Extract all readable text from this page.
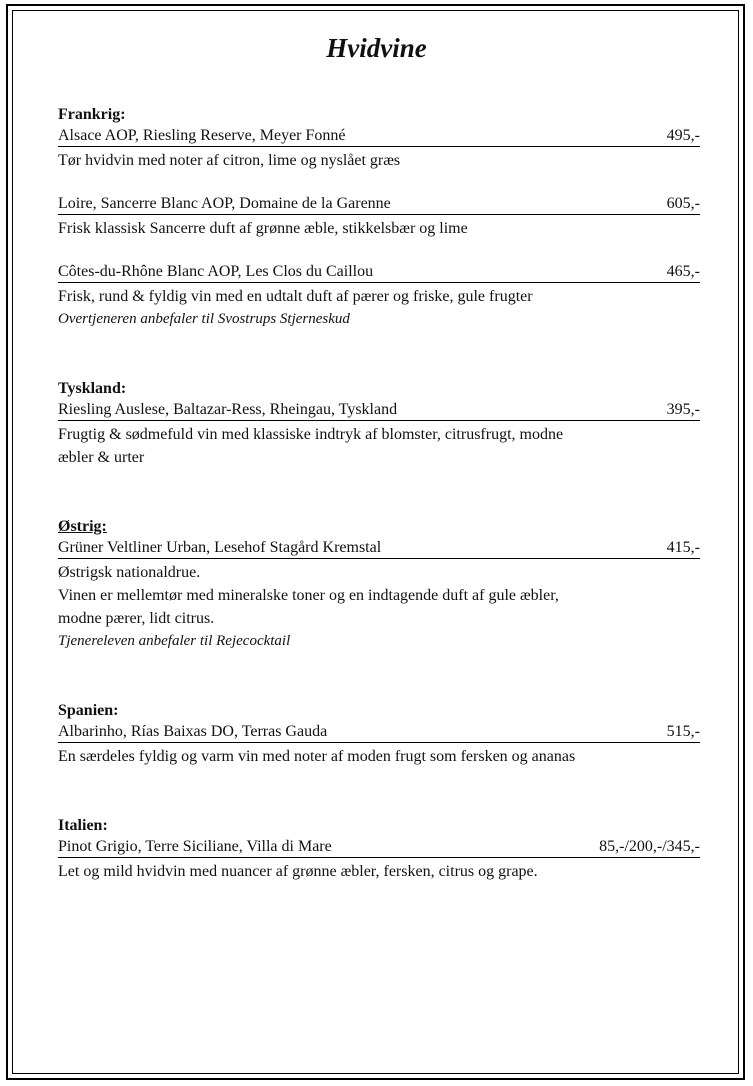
Hvidvine
Frankrig:
Alsace AOP, Riesling Reserve, Meyer Fonné	495,-
Tør hvidvin med noter af citron, lime og nyslået græs
Loire, Sancerre Blanc AOP, Domaine de la Garenne	605,-
Frisk klassisk Sancerre duft af grønne æble, stikkelsbær og lime
Côtes-du-Rhône Blanc AOP, Les Clos du Caillou	465,-
Frisk, rund & fyldig vin med en udtalt duft af pærer og friske, gule frugter
Overtjeneren anbefaler til Svostrups Stjerneskud
Tyskland:
Riesling Auslese, Baltazar-Ress, Rheingau, Tyskland	395,-
Frugtig & sødmefuld vin med klassiske indtryk af blomster, citrusfrugt, modne
æbler & urter
Østrig:
Grüner Veltliner Urban, Lesehof Stagård Kremstal	415,-
Østrigsk nationaldrue.
Vinen er mellemtør med mineralske toner og en indtagende duft af gule æbler,
modne pærer, lidt citrus.
Tjenereleven anbefaler til Rejecocktail
Spanien:
Albarinho, Rías Baixas DO, Terras Gauda	515,-
En særdeles fyldig og varm vin med noter af moden frugt som fersken og ananas
Italien:
Pinot Grigio, Terre Siciliane, Villa di Mare	85,-/200,-/345,-
Let og mild hvidvin med nuancer af grønne æbler, fersken, citrus og grape.
